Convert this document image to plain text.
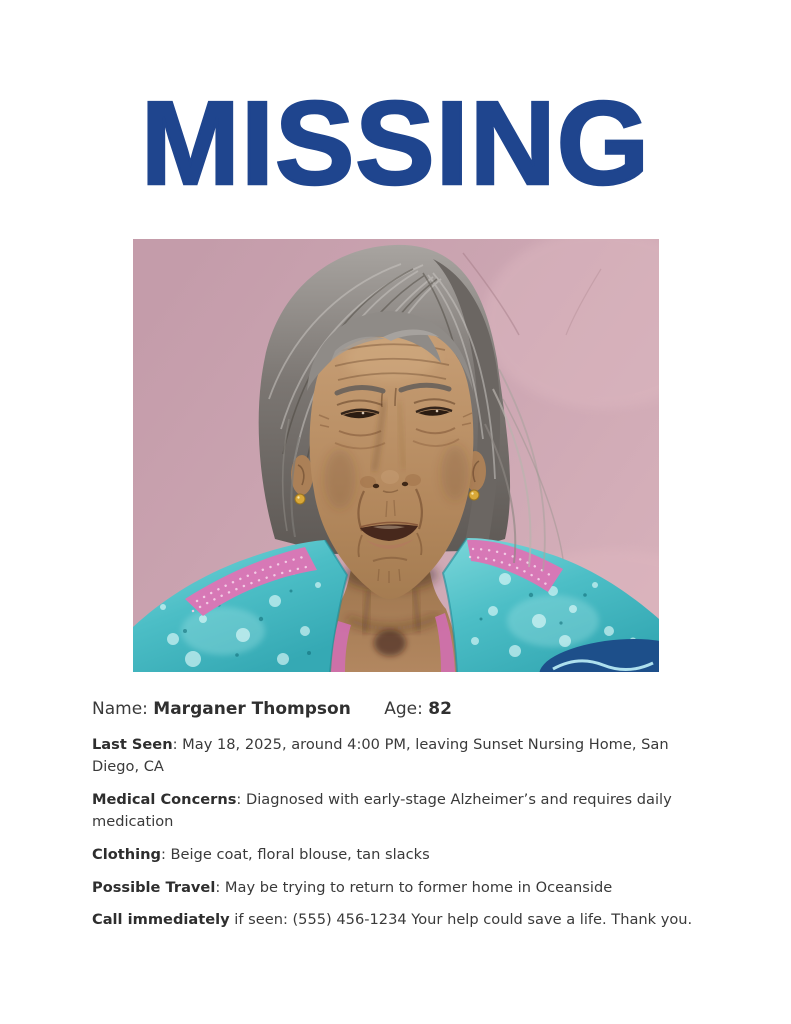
MISSING

Name: Marganer Thompson Age: 82

Last Seen: May 18, 2025, around 4:00 PM, leaving Sunset Nursing Home, San Diego, CA

Medical Concerns: Diagnosed with early-stage Alzheimer’s and requires daily medication

Clothing: Beige coat, floral blouse, tan slacks

Possible Travel: May be trying to return to former home in Oceanside

Call immediately if seen: (555) 456-1234 Your help could save a life. Thank you.
